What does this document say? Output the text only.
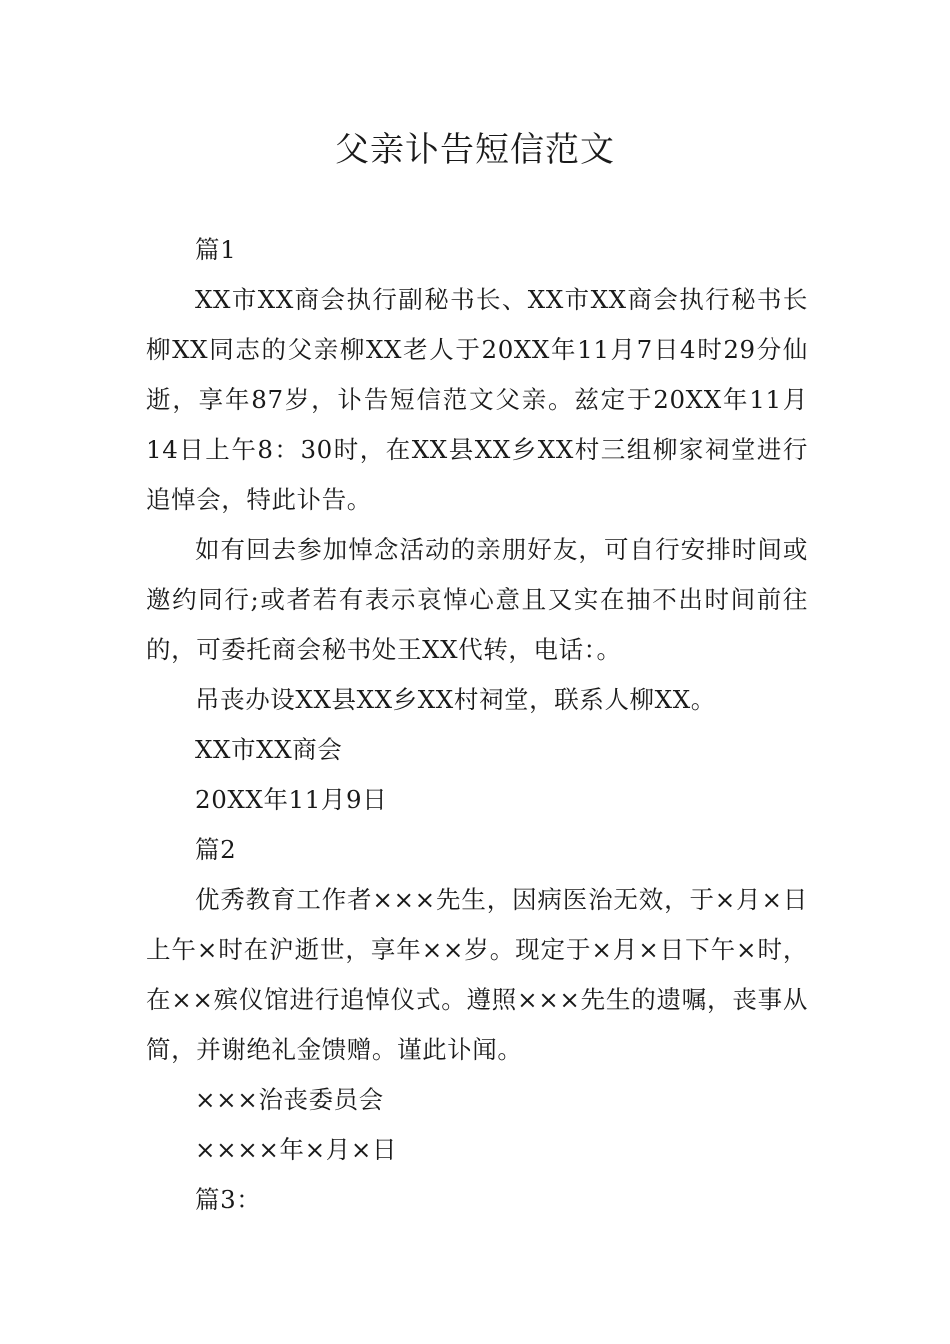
父亲讣告短信范文

篇1

XX市XX商会执行副秘书长、XX市XX商会执行秘书长柳XX同志的父亲柳XX老人于20XX年11月7日4时29分仙逝，享年87岁，讣告短信范文父亲。兹定于20XX年11月14日上午8：30时，在XX县XX乡XX村三组柳家祠堂进行追悼会，特此讣告。

如有回去参加悼念活动的亲朋好友，可自行安排时间或邀约同行;或者若有表示哀悼心意且又实在抽不出时间前往的，可委托商会秘书处王XX代转，电话：。

吊丧办设XX县XX乡XX村祠堂，联系人柳XX。

XX市XX商会

20XX年11月9日

篇2

优秀教育工作者×××先生，因病医治无效，于×月×日上午×时在沪逝世，享年××岁。现定于×月×日下午×时，在××殡仪馆进行追悼仪式。遵照×××先生的遗嘱，丧事从简，并谢绝礼金馈赠。谨此讣闻。

×××治丧委员会

××××年×月×日

篇3：
